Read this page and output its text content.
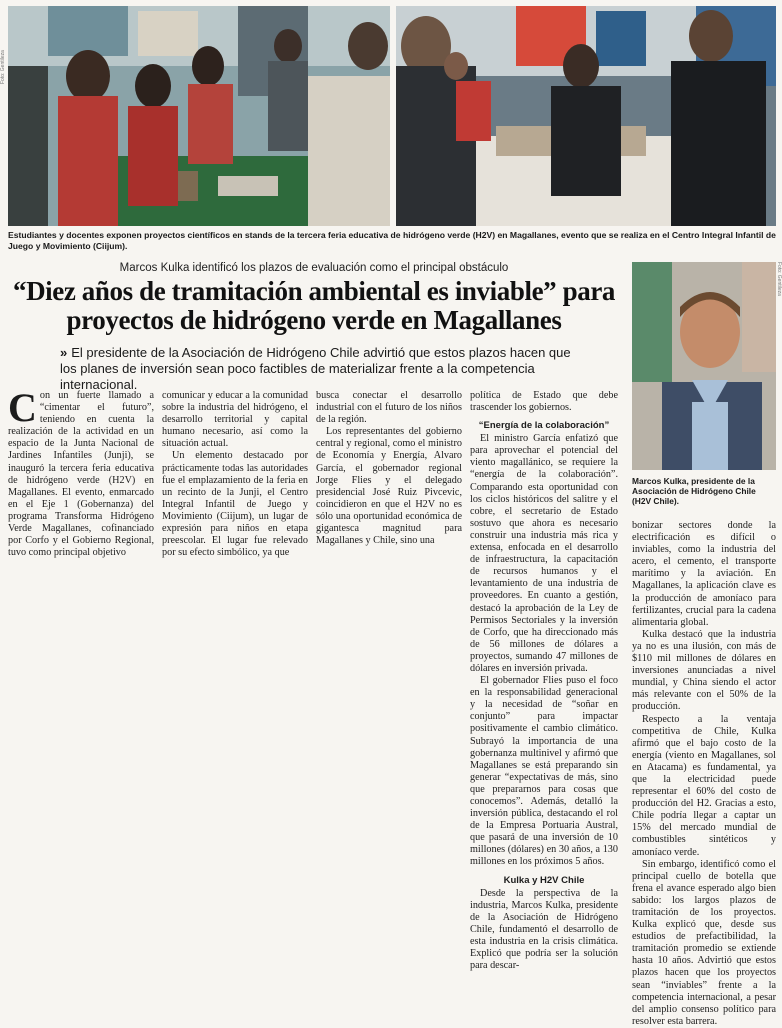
Foto: Gentileza
Foto: Gentileza
Estudiantes y docentes exponen proyectos científicos en stands de la tercera feria educativa de hidrógeno verde (H2V) en Magallanes, evento que se realiza en el Centro Integral Infantil de Juego y Movimiento (Ciijum).
Marcos Kulka identificó los plazos de evaluación como el principal obstáculo
“Diez años de tramitación ambiental es inviable” para proyectos de hidrógeno verde en Magallanes
» El presidente de la Asociación de Hidrógeno Chile advirtió que estos plazos hacen que los planes de inversión sean poco factibles de materializar frente a la competencia internacional.
Marcos Kulka, presidente de la Asociación de Hidrógeno Chile (H2V Chile).

Con un fuerte llamado a “cimentar el futuro”, teniendo en cuenta la realización de la actividad en un espacio de la Junta Nacional de Jardines Infantiles (Junji), se inauguró la tercera feria educativa de hidrógeno verde (H2V) en Magallanes. El evento, enmarcado en el Eje 1 (Gobernanza) del programa Transforma Hidrógeno Verde Magallanes, cofinanciado por Corfo y el Gobierno Regional, tuvo como principal objetivo

comunicar y educar a la comunidad sobre la industria del hidrógeno, el desarrollo territorial y capital humano necesario, así como la situación actual.

Un elemento destacado por prácticamente todas las autoridades fue el emplazamiento de la feria en un recinto de la Junji, el Centro Integral Infantil de Juego y Movimiento (Ciijum), un lugar de expresión para niños en etapa preescolar. El lugar fue relevado por su efecto simbólico, ya que

busca conectar el desarrollo industrial con el futuro de los niños de la región.

Los representantes del gobierno central y regional, como el ministro de Economía y Energía, Alvaro García, el gobernador regional Jorge Flies y el delegado presidencial José Ruiz Pivcevic, coincidieron en que el H2V no es sólo una oportunidad económica de gigantesca magnitud para Magallanes y Chile, sino una

política de Estado que debe trascender los gobiernos.

“Energía de la colaboración”

El ministro García enfatizó que para aprovechar el potencial del viento magallánico, se requiere la “energía de la colaboración”. Comparando esta oportunidad con los ciclos históricos del salitre y el cobre, el secretario de Estado sostuvo que ahora es necesario construir una industria más rica y extensa, enfocada en el desarrollo de infraestructura, la capacitación de recursos humanos y el levantamiento de una industria de proveedores. En cuanto a gestión, destacó la aprobación de la Ley de Permisos Sectoriales y la inversión de Corfo, que ha direccionado más de 56 millones de dólares a proyectos, sumando 47 millones de dólares en inversión privada.

El gobernador Flies puso el foco en la responsabilidad generacional y la necesidad de “soñar en conjunto” para impactar positivamente el cambio climático. Subrayó la importancia de una gobernanza multinivel y afirmó que Magallanes se está preparando sin generar “expectativas de más, sino que prepararnos para cosas que conocemos”. Además, detalló la inversión pública, destacando el rol de la Empresa Portuaria Austral, que pasará de una inversión de 10 millones (dólares) en 30 años, a 130 millones en los próximos 5 años.

Kulka y H2V Chile

Desde la perspectiva de la industria, Marcos Kulka, presidente de la Asociación de Hidrógeno Chile, fundamentó el desarrollo de esta industria en la crisis climática. Explicó que podría ser la solución para descar-

bonizar sectores donde la electrificación es difícil o inviables, como la industria del acero, el cemento, el transporte marítimo y la aviación. En Magallanes, la aplicación clave es la producción de amoníaco para fertilizantes, crucial para la cadena alimentaria global.

Kulka destacó que la industria ya no es una ilusión, con más de $110 mil millones de dólares en inversiones anunciadas a nivel mundial, y China siendo el actor más relevante con el 50% de la producción.

Respecto a la ventaja competitiva de Chile, Kulka afirmó que el bajo costo de la energía (viento en Magallanes, sol en Atacama) es fundamental, ya que la electricidad puede representar el 60% del costo de producción del H2. Gracias a esto, Chile podría llegar a captar un 15% del mercado mundial de combustibles sintéticos y amoníaco verde.

Sin embargo, identificó como el principal cuello de botella que frena el avance esperado algo bien sabido: los largos plazos de tramitación de los proyectos. Kulka explicó que, desde sus estudios de prefactibilidad, la tramitación promedio se extiende hasta 10 años. Advirtió que estos plazos hacen que los proyectos sean “inviables” frente a la competencia internacional, a pesar del amplio consenso político para resolver esta barrera.
